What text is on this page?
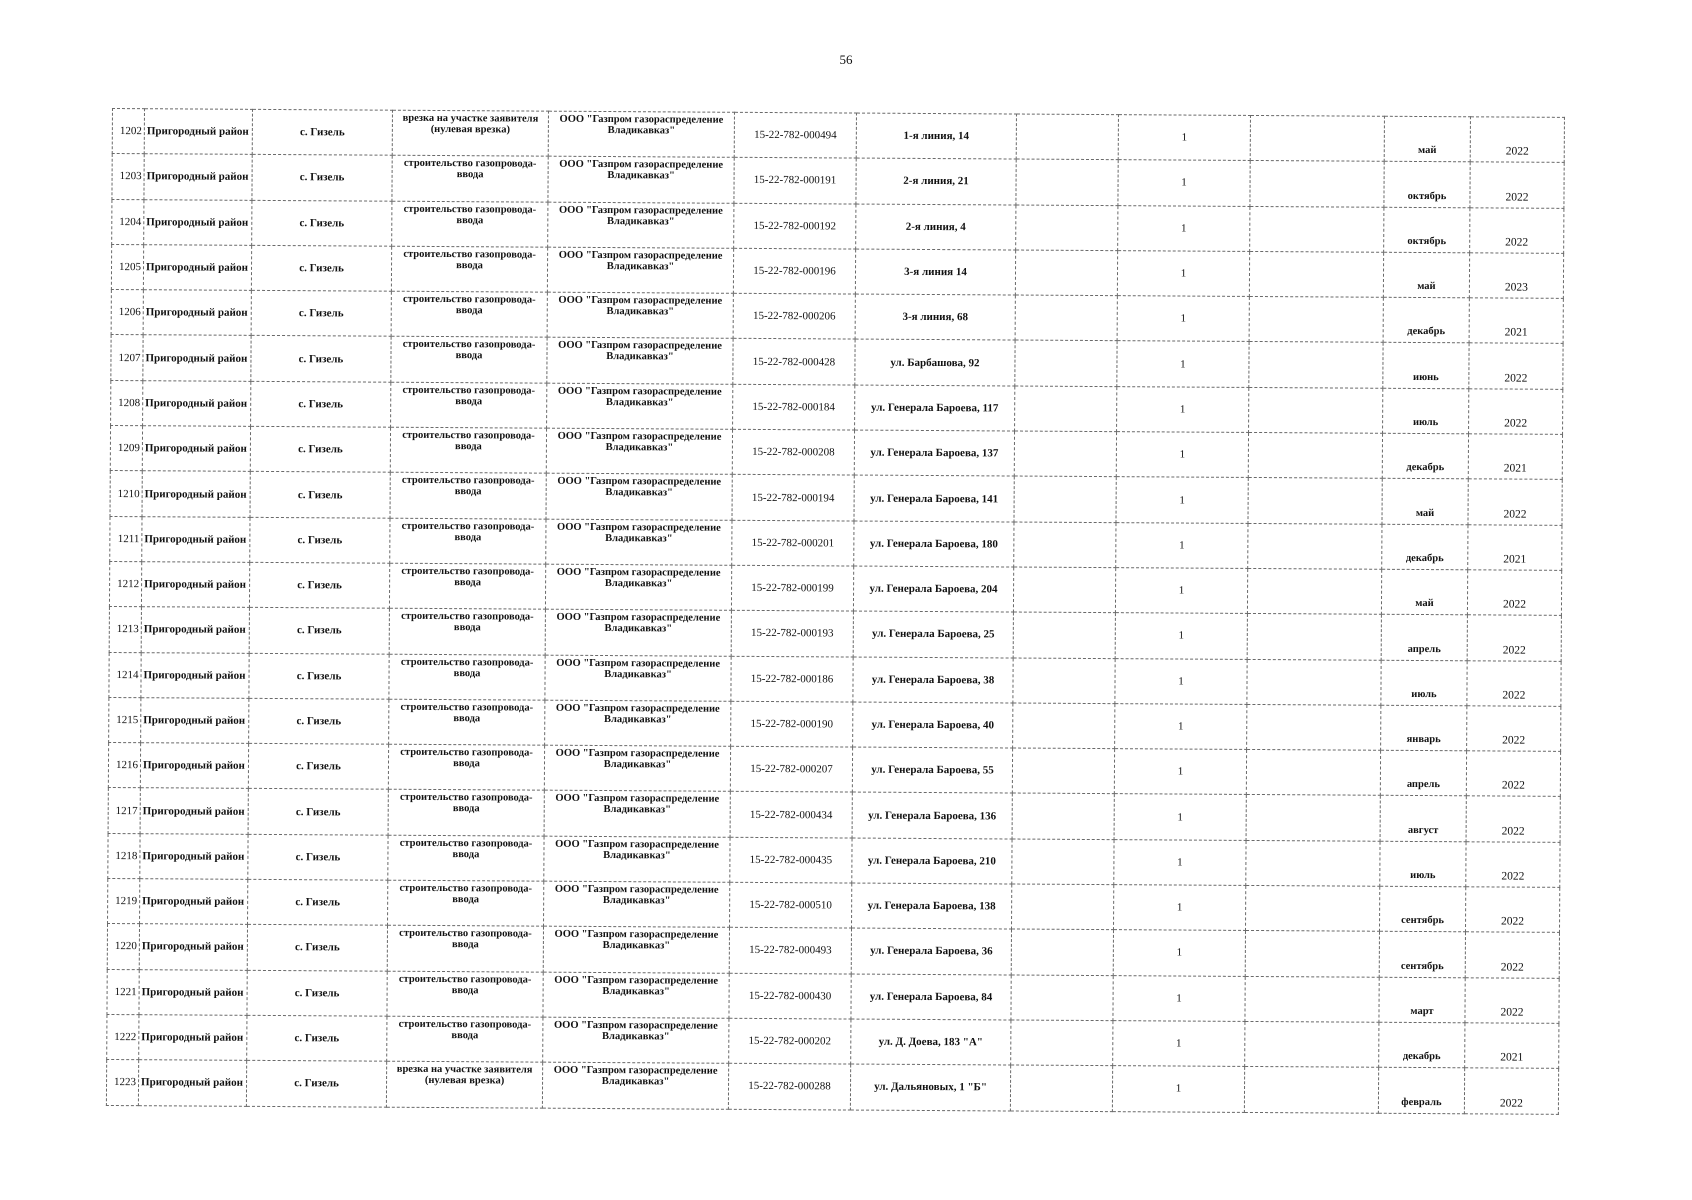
56
1202	Пригородный район	с. Гизель	врезка на участке заявителя (нулевая врезка)	ООО "Газпром газораспределение Владикавказ"	15-22-782-000494	1-я линия, 14		1		май	2022
1203	Пригородный район	с. Гизель	строительство газопровода-ввода	ООО "Газпром газораспределение Владикавказ"	15-22-782-000191	2-я линия, 21		1		октябрь	2022
1204	Пригородный район	с. Гизель	строительство газопровода-ввода	ООО "Газпром газораспределение Владикавказ"	15-22-782-000192	2-я линия, 4		1		октябрь	2022
1205	Пригородный район	с. Гизель	строительство газопровода-ввода	ООО "Газпром газораспределение Владикавказ"	15-22-782-000196	3-я линия 14		1		май	2023
1206	Пригородный район	с. Гизель	строительство газопровода-ввода	ООО "Газпром газораспределение Владикавказ"	15-22-782-000206	3-я линия, 68		1		декабрь	2021
1207	Пригородный район	с. Гизель	строительство газопровода-ввода	ООО "Газпром газораспределение Владикавказ"	15-22-782-000428	ул. Барбашова, 92		1		июнь	2022
1208	Пригородный район	с. Гизель	строительство газопровода-ввода	ООО "Газпром газораспределение Владикавказ"	15-22-782-000184	ул. Генерала Бароева, 117		1		июль	2022
1209	Пригородный район	с. Гизель	строительство газопровода-ввода	ООО "Газпром газораспределение Владикавказ"	15-22-782-000208	ул. Генерала Бароева, 137		1		декабрь	2021
1210	Пригородный район	с. Гизель	строительство газопровода-ввода	ООО "Газпром газораспределение Владикавказ"	15-22-782-000194	ул. Генерала Бароева, 141		1		май	2022
1211	Пригородный район	с. Гизель	строительство газопровода-ввода	ООО "Газпром газораспределение Владикавказ"	15-22-782-000201	ул. Генерала Бароева, 180		1		декабрь	2021
1212	Пригородный район	с. Гизель	строительство газопровода-ввода	ООО "Газпром газораспределение Владикавказ"	15-22-782-000199	ул. Генерала Бароева, 204		1		май	2022
1213	Пригородный район	с. Гизель	строительство газопровода-ввода	ООО "Газпром газораспределение Владикавказ"	15-22-782-000193	ул. Генерала Бароева, 25		1		апрель	2022
1214	Пригородный район	с. Гизель	строительство газопровода-ввода	ООО "Газпром газораспределение Владикавказ"	15-22-782-000186	ул. Генерала Бароева, 38		1		июль	2022
1215	Пригородный район	с. Гизель	строительство газопровода-ввода	ООО "Газпром газораспределение Владикавказ"	15-22-782-000190	ул. Генерала Бароева, 40		1		январь	2022
1216	Пригородный район	с. Гизель	строительство газопровода-ввода	ООО "Газпром газораспределение Владикавказ"	15-22-782-000207	ул. Генерала Бароева, 55		1		апрель	2022
1217	Пригородный район	с. Гизель	строительство газопровода-ввода	ООО "Газпром газораспределение Владикавказ"	15-22-782-000434	ул. Генерала Бароева, 136		1		август	2022
1218	Пригородный район	с. Гизель	строительство газопровода-ввода	ООО "Газпром газораспределение Владикавказ"	15-22-782-000435	ул. Генерала Бароева, 210		1		июль	2022
1219	Пригородный район	с. Гизель	строительство газопровода-ввода	ООО "Газпром газораспределение Владикавказ"	15-22-782-000510	ул. Генерала Бароева, 138		1		сентябрь	2022
1220	Пригородный район	с. Гизель	строительство газопровода-ввода	ООО "Газпром газораспределение Владикавказ"	15-22-782-000493	ул. Генерала Бароева, 36		1		сентябрь	2022
1221	Пригородный район	с. Гизель	строительство газопровода-ввода	ООО "Газпром газораспределение Владикавказ"	15-22-782-000430	ул. Генерала Бароева, 84		1		март	2022
1222	Пригородный район	с. Гизель	строительство газопровода-ввода	ООО "Газпром газораспределение Владикавказ"	15-22-782-000202	ул. Д. Доева, 183 "А"		1		декабрь	2021
1223	Пригородный район	с. Гизель	врезка на участке заявителя (нулевая врезка)	ООО "Газпром газораспределение Владикавказ"	15-22-782-000288	ул. Дальяновых, 1 "Б"		1		февраль	2022
